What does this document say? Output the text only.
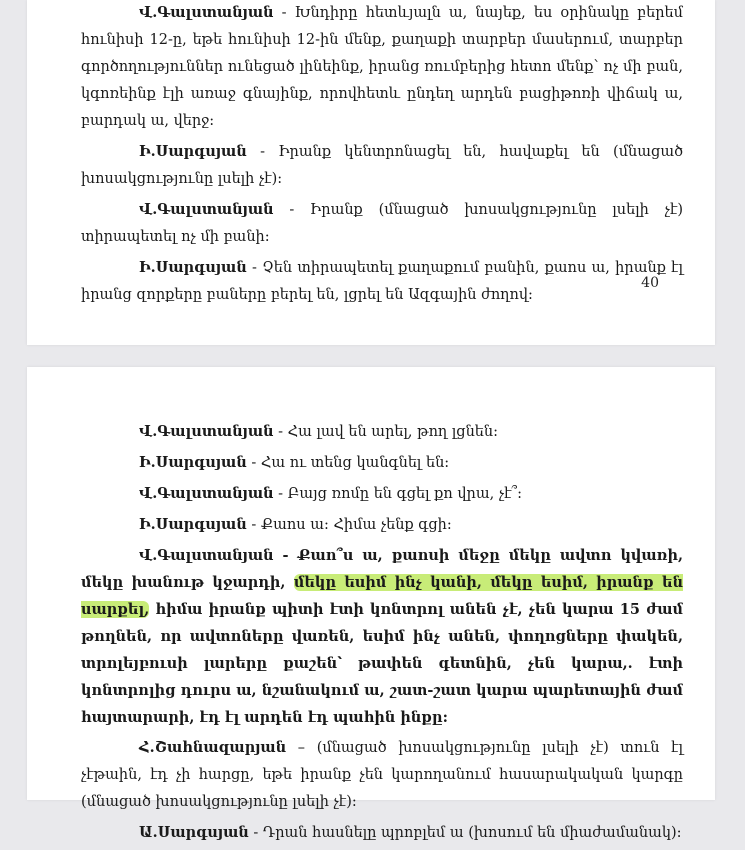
Վ.Գալստանյան - Խնդիրը հետևյալն ա, նայեք, ես օրինակը բերեմ հունիսի 12-ը, եթե հունիսի 12-ին մենք, քաղաքի տարբեր մասերում, տարբեր գործողություններ ունեցած լինեինք, իրանց ռումբերից հետո մենք՝ ոչ մի բան, կգոռեինք էլի առաջ գնայինք, որովհետև ընդեղ արդեն բացիթոռի վիճակ ա, բարդակ ա, վերջ:

Ի.Սարգսյան - Իրանք կենտրոնացել են, հավաքել են (մնացած խոսակցությունը լսելի չէ):

Վ.Գալստանյան - Իրանք (մնացած խոսակցությունը լսելի չէ) տիրապետել ոչ մի բանի:

Ի.Սարգսյան - Չեն տիրապետել քաղաքում բանին, քաոս ա, իրանք էլ իրանց զորքերը բաները բերել են, լցրել են Ազգային ժողով:

40

Վ.Գալստանյան - Հա լավ են արել, թող լցնեն:

Ի.Սարգսյան - Հա ու տենց կանգնել են:

Վ.Գալստանյան - Բայց ռոմը են գցել քո վրա, չէ՞:

Ի.Սարգսյան - Քաոս ա: Հիմա չենք գցի:

Վ.Գալստանյան - Քաո՞ս ա, քաոսի մեջը մեկը ավտո կվառի, մեկը խանութ կջարդի, մեկը եսիմ ինչ կանի, մեկը եսիմ, իրանք են սարքել, հիմա իրանք պիտի էտի կոնտրոլ անեն չէ, չեն կարա 15 ժամ թողնեն, որ ավտոները վառեն, եսիմ ինչ անեն, փողոցները փակեն, տրոլեյբուսի լարերը քաշեն՝ թափեն գետնին, չեն կարա,. էտի կոնտրոլից դուրս ա, նշանակում ա, շատ-շատ կարա պարետային ժամ հայտարարի, էդ էլ արդեն էդ պահին ինքը:

Հ.Շահնազարյան – (մնացած խոսակցությունը լսելի չէ) տուն էլ չէթաին, էդ չի հարցը, եթե իրանք չեն կարողանում հասարակական կարգը (մնացած խոսակցությունը լսելի չէ):

Ա.Սարգսյան - Դրան հասնելը պրոբլեմ ա (խոսում են միաժամանակ):
